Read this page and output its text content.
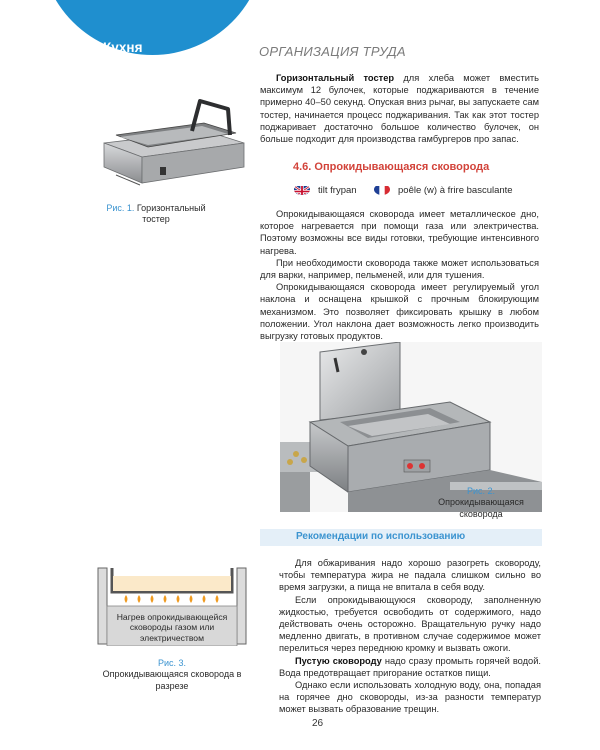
Кухня	ОРГАНИЗАЦИЯ ТРУДА
Горизонтальный тостер для хлеба может вместить максимум 12 булочек, которые поджариваются в течение примерно 40–50 секунд. Опуская вниз рычаг, вы запускаете сам тостер, начинается процесс поджаривания. Так как этот тостер поджаривает достаточно большое количество булочек, он больше подходит для производства гамбургеров про запас.
Рис. 1. Горизонтальный тостер
4.6. Опрокидывающаяся сковорода
tilt frypan	poêle (w) à frire basculante

Опрокидывающаяся сковорода имеет металлическое дно, которое нагревается при помощи газа или электричества. Поэтому возможны все виды готовки, требующие интенсивного нагрева.

При необходимости сковорода также может использоваться для варки, например, пельменей, или для тушения.

Опрокидывающаяся сковорода имеет регулируемый угол наклона и оснащена крышкой с прочным блокирующим механизмом. Это позволяет фиксировать крышку в любом положении. Угол наклона дает возможность легко производить выгрузку готовых продуктов.

Рис. 2.
Опрокидывающаяся сковорода
Рекомендации по использованию

Для обжаривания надо хорошо разогреть сковороду, чтобы температура жира не падала слишком сильно во время загрузки, а пища не впитала в себя воду.

Если опрокидывающуюся сковороду, заполненную жидкостью, требуется освободить от содержимого, надо действовать очень осторожно. Вращательную ручку надо медленно двигать, в противном случае содержимое может перелиться через переднюю кромку и вызвать ожоги.

Пустую сковороду надо сразу промыть горячей водой. Вода предотвращает пригорание остатков пищи.

Однако если использовать холодную воду, она, попадая на горячее дно сковороды, из-за разности температур может вызвать образование трещин.

Нагрев опрокидывающейся сковороды газом или электричеством
Рис. 3.
Опрокидывающаяся сковорода в разрезе
26
